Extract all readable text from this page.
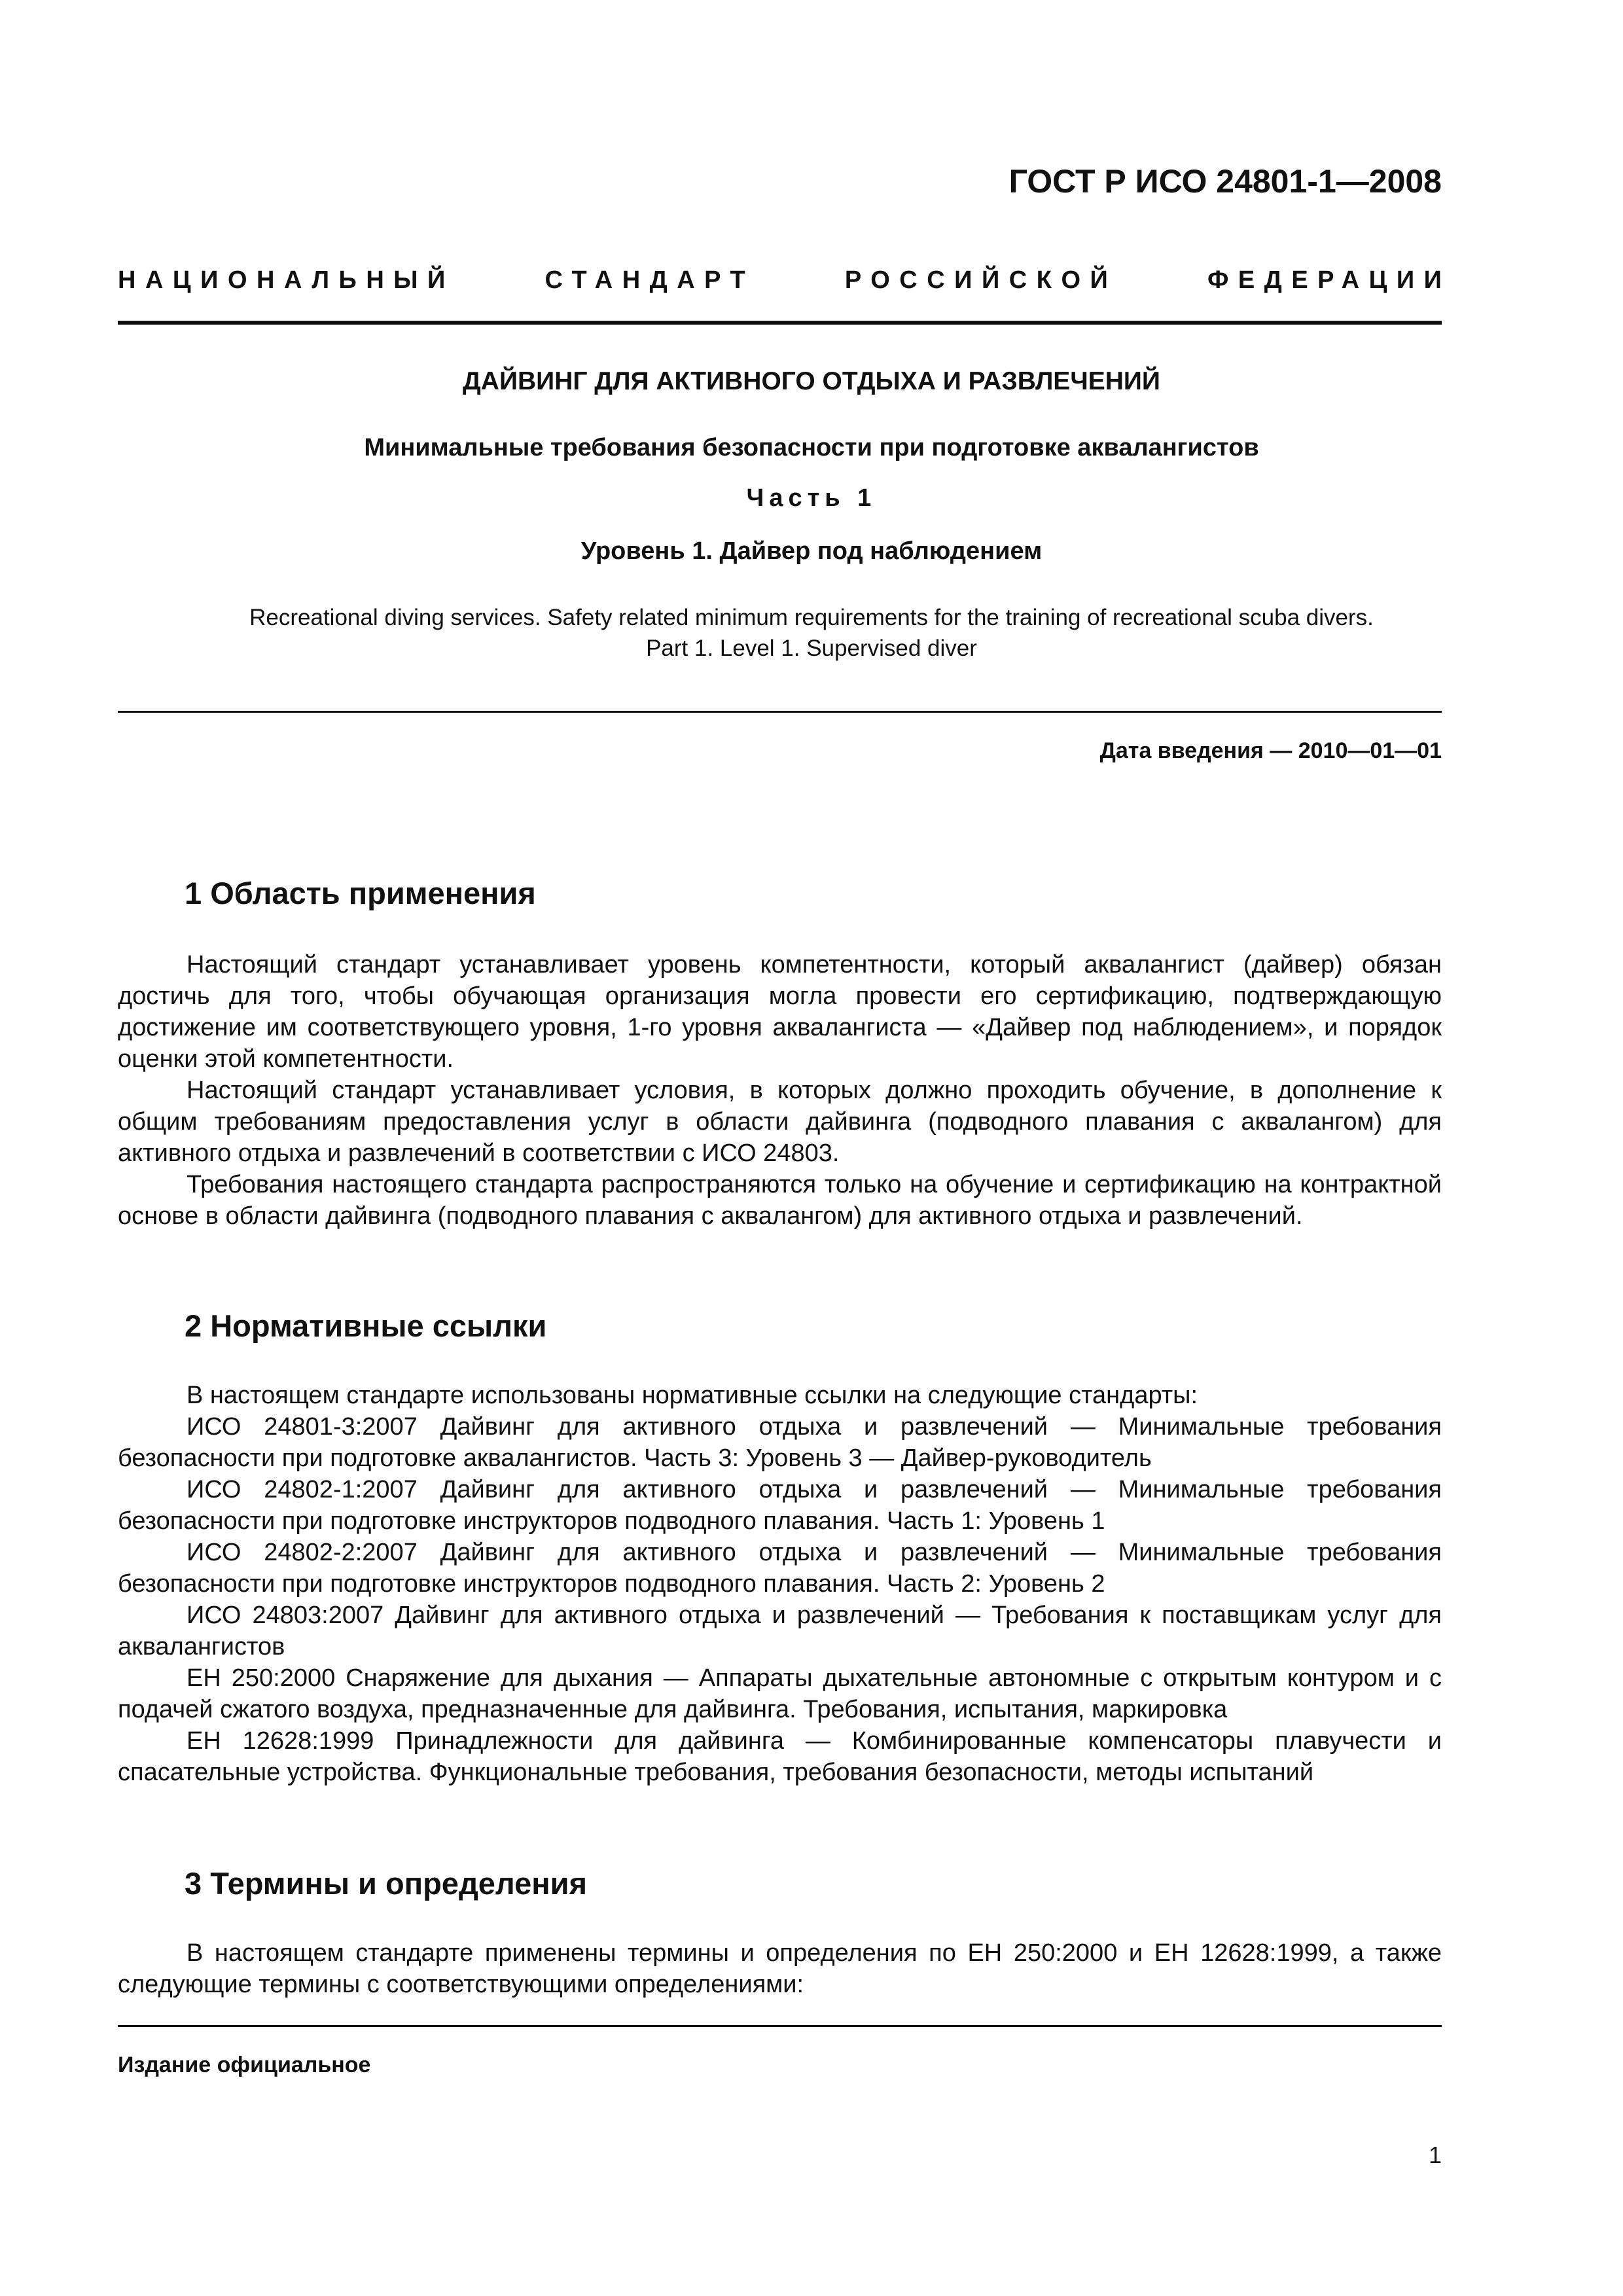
ГОСТ Р ИСО 24801-1—2008
НАЦИОНАЛЬНЫЙ	СТАНДАРТ	РОССИЙСКОЙ	ФЕДЕРАЦИИ
ДАЙВИНГ ДЛЯ АКТИВНОГО ОТДЫХА И РАЗВЛЕЧЕНИЙ
Минимальные требования безопасности при подготовке аквалангистов
Часть 1
Уровень 1. Дайвер под наблюдением
Recreational diving services. Safety related minimum requirements for the training of recreational scuba divers.
Part 1. Level 1. Supervised diver
Дата введения — 2010—01—01
1 Область применения

Настоящий стандарт устанавливает уровень компетентности, который аквалангист (дайвер) обязан достичь для того, чтобы обучающая организация могла провести его сертификацию, подтверждающую достижение им соответствующего уровня, 1-го уровня аквалангиста — «Дайвер под наблюдением», и порядок оценки этой компетентности.

Настоящий стандарт устанавливает условия, в которых должно проходить обучение, в дополнение к общим требованиям предоставления услуг в области дайвинга (подводного плавания с аквалангом) для активного отдыха и развлечений в соответствии с ИСО 24803.

Требования настоящего стандарта распространяются только на обучение и сертификацию на контрактной основе в области дайвинга (подводного плавания с аквалангом) для активного отдыха и развлечений.

2 Нормативные ссылки

В настоящем стандарте использованы нормативные ссылки на следующие стандарты:

ИСО 24801-3:2007 Дайвинг для активного отдыха и развлечений — Минимальные требования безопасности при подготовке аквалангистов. Часть 3: Уровень 3 — Дайвер-руководитель

ИСО 24802-1:2007 Дайвинг для активного отдыха и развлечений — Минимальные требования безопасности при подготовке инструкторов подводного плавания. Часть 1: Уровень 1

ИСО 24802-2:2007 Дайвинг для активного отдыха и развлечений — Минимальные требования безопасности при подготовке инструкторов подводного плавания. Часть 2: Уровень 2

ИСО 24803:2007 Дайвинг для активного отдыха и развлечений — Требования к поставщикам услуг для аквалангистов

ЕН 250:2000 Снаряжение для дыхания — Аппараты дыхательные автономные с открытым контуром и с подачей сжатого воздуха, предназначенные для дайвинга. Требования, испытания, маркировка

ЕН 12628:1999 Принадлежности для дайвинга — Комбинированные компенсаторы плавучести и спасательные устройства. Функциональные требования, требования безопасности, методы испытаний

3 Термины и определения

В настоящем стандарте применены термины и определения по ЕН 250:2000 и ЕН 12628:1999, а также следующие термины с соответствующими определениями:

Издание официальное
1
